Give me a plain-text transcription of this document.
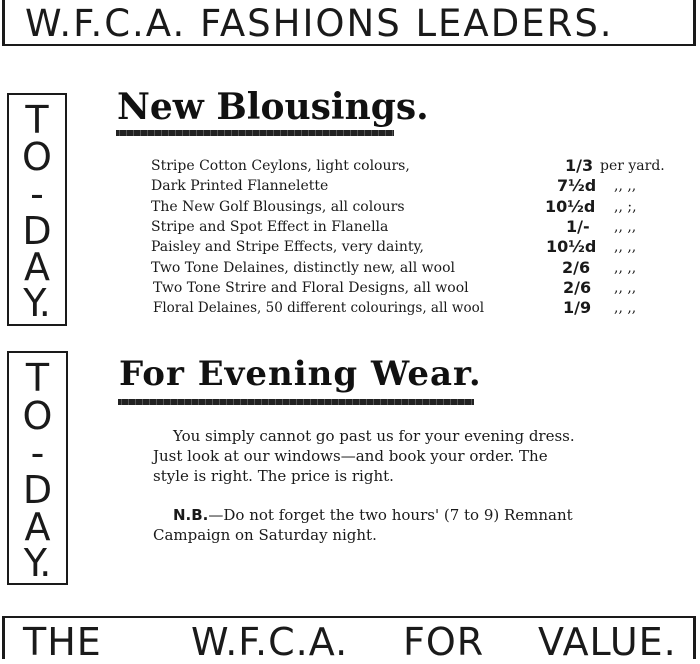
W.F.C.A. FASHIONS LEADERS.
T
O
-
D
A
Y.
New Blousings.
Stripe Cotton Ceylons, light colours,	1/3 per yard.
Dark Printed Flannelette	7½d ,, ,,
The New Golf Blousings, all colours	10½d ,, ;,
Stripe and Spot Effect in Flanella	1/- ,, ,,
Paisley and Stripe Effects, very dainty,	10½d ,, ,,
Two Tone Delaines, distinctly new, all wool	2/6 ,, ,,
Two Tone Strire and Floral Designs, all wool	2/6 ,, ,,
Floral Delaines, 50 different colourings, all wool	1/9 ,, ,,
T
O
-
D
A
Y.
For Evening Wear.
You simply cannot go past us for your evening dress.
Just look at our windows—and book your order. The
style is right. The price is right.
N.B.—Do not forget the two hours' (7 to 9) Remnant
Campaign on Saturday night.
THE W.F.C.A. FOR VALUE.
